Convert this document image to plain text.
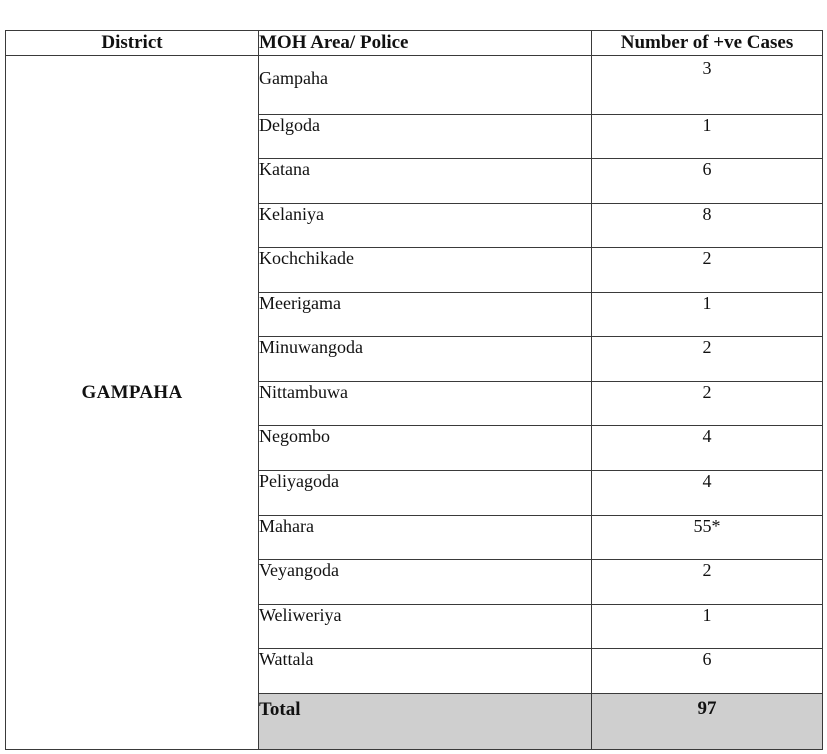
District	MOH Area/ Police	Number of +ve Cases
GAMPAHA	Gampaha	3
	Delgoda	1
	Katana	6
	Kelaniya	8
	Kochchikade	2
	Meerigama	1
	Minuwangoda	2
	Nittambuwa	2
	Negombo	4
	Peliyagoda	4
	Mahara	55*
	Veyangoda	2
	Weliweriya	1
	Wattala	6
	Total	97
